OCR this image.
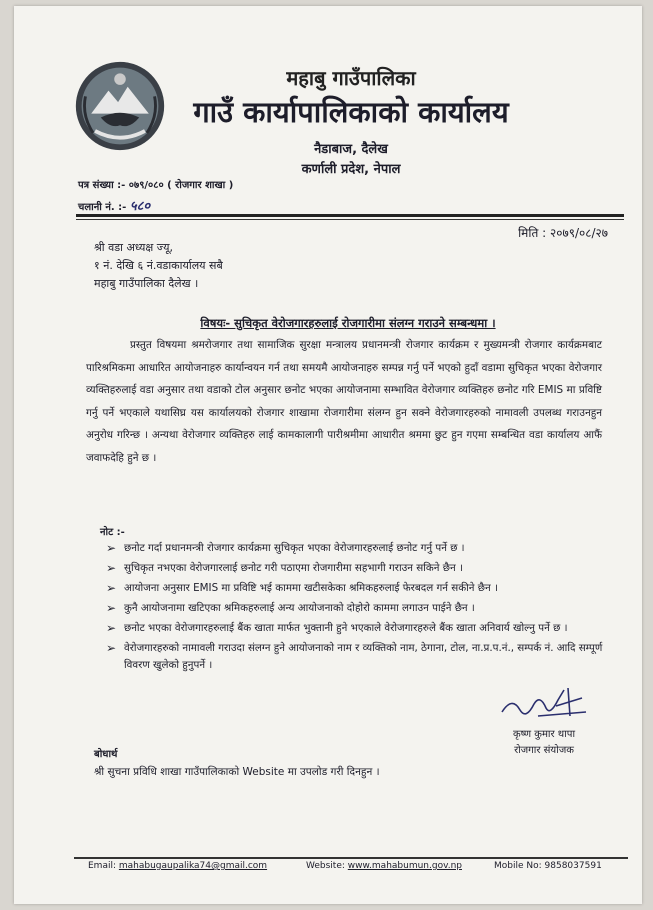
महाबु गाउँपालिका
गाउँ कार्यापालिकाको कार्यालय
नैडाबाज, दैलेख
कर्णाली प्रदेश, नेपाल
पत्र संख्या :- ०७९/०८० ( रोजगार शाखा )
चलानी नं. :- ५८०
मिति : २०७९/०८/२७
श्री वडा अध्यक्ष ज्यू,
१ नं. देखि ६ नं.वडाकार्यालय सबै
महाबु गाउँपालिका दैलेख ।
विषयः- सुचिकृत वेरोजगारहरुलाई रोजगारीमा संलग्न गराउने सम्बन्धमा ।
प्रस्तुत विषयमा श्रमरोजगार तथा सामाजिक सुरक्षा मन्त्रालय प्रधानमन्त्री रोजगार कार्यक्रम र मुख्यमन्त्री रोजगार कार्यक्रमबाट पारिश्रमिकमा आधारित आयोजनाहरु कार्यान्वयन गर्न तथा समयमै आयोजनाहरु सम्पन्न गर्नु पर्ने भएको हुदाँ वडामा सुचिकृत भएका वेरोजगार व्यक्तिहरुलाई वडा अनुसार तथा वडाको टोल अनुसार छनोट भएका आयोजनामा सम्भावित वेरोजगार व्यक्तिहरु छनोट गरि EMIS मा प्रविष्टि गर्नु पर्ने भएकाले यथासिघ्र यस कार्यालयको रोजगार शाखामा रोजगारीमा संलग्न हुन सक्ने वेरोजगारहरुको नामावली उपलब्ध गराउनहुन अनुरोध गरिन्छ । अन्यथा वेरोजगार व्यक्तिहरु लाई कामकालागी पारीश्रमीमा आधारीत श्रममा छुट हुन गएमा सम्बन्धित वडा कार्यालय आफैं जवाफदेहि हुने छ ।
नोट :-
➢ छनोट गर्दा प्रधानमन्त्री रोजगार कार्यक्रमा सुचिकृत भएका वेरोजगारहरुलाई छनोट गर्नु पर्ने छ ।
➢ सुचिकृत नभएका वेरोजगारलाई छनोट गरी पठाएमा रोजगारीमा सहभागी गराउन सकिने छैन ।
➢ आयोजना अनुसार EMIS मा प्रविष्टि भई काममा खटीसकेका श्रमिकहरुलाई फेरबदल गर्न सकीने छैन ।
➢ कुनै आयोजनामा खटिएका श्रमिकहरुलाई अन्य आयोजनाको दोहोरो काममा लगाउन पाईने छैन ।
➢ छनोट भएका वेरोजगारहरुलाई बैंक खाता मार्फत भुक्तानी हुने भएकाले वेरोजगारहरुले बैंक खाता अनिवार्य खोल्नु पर्ने छ ।
➢ वेरोजगारहरुको नामावली गराउदा संलग्न हुने आयोजनाको नाम र व्यक्तिको नाम, ठेगाना, टोल, ना.प्र.प.नं., सम्पर्क नं. आदि सम्पूर्ण विवरण खुलेको हुनुपर्ने ।
कृष्ण कुमार थापा
रोजगार संयोजक
बोधार्थ
श्री सुचना प्रविधि शाखा गाउँपालिकाको Website मा उपलोड गरी दिनहुन ।
Email: mahabugaupalika74@gmail.com	Website: www.mahabumun.gov.np	Mobile No: 9858037591
